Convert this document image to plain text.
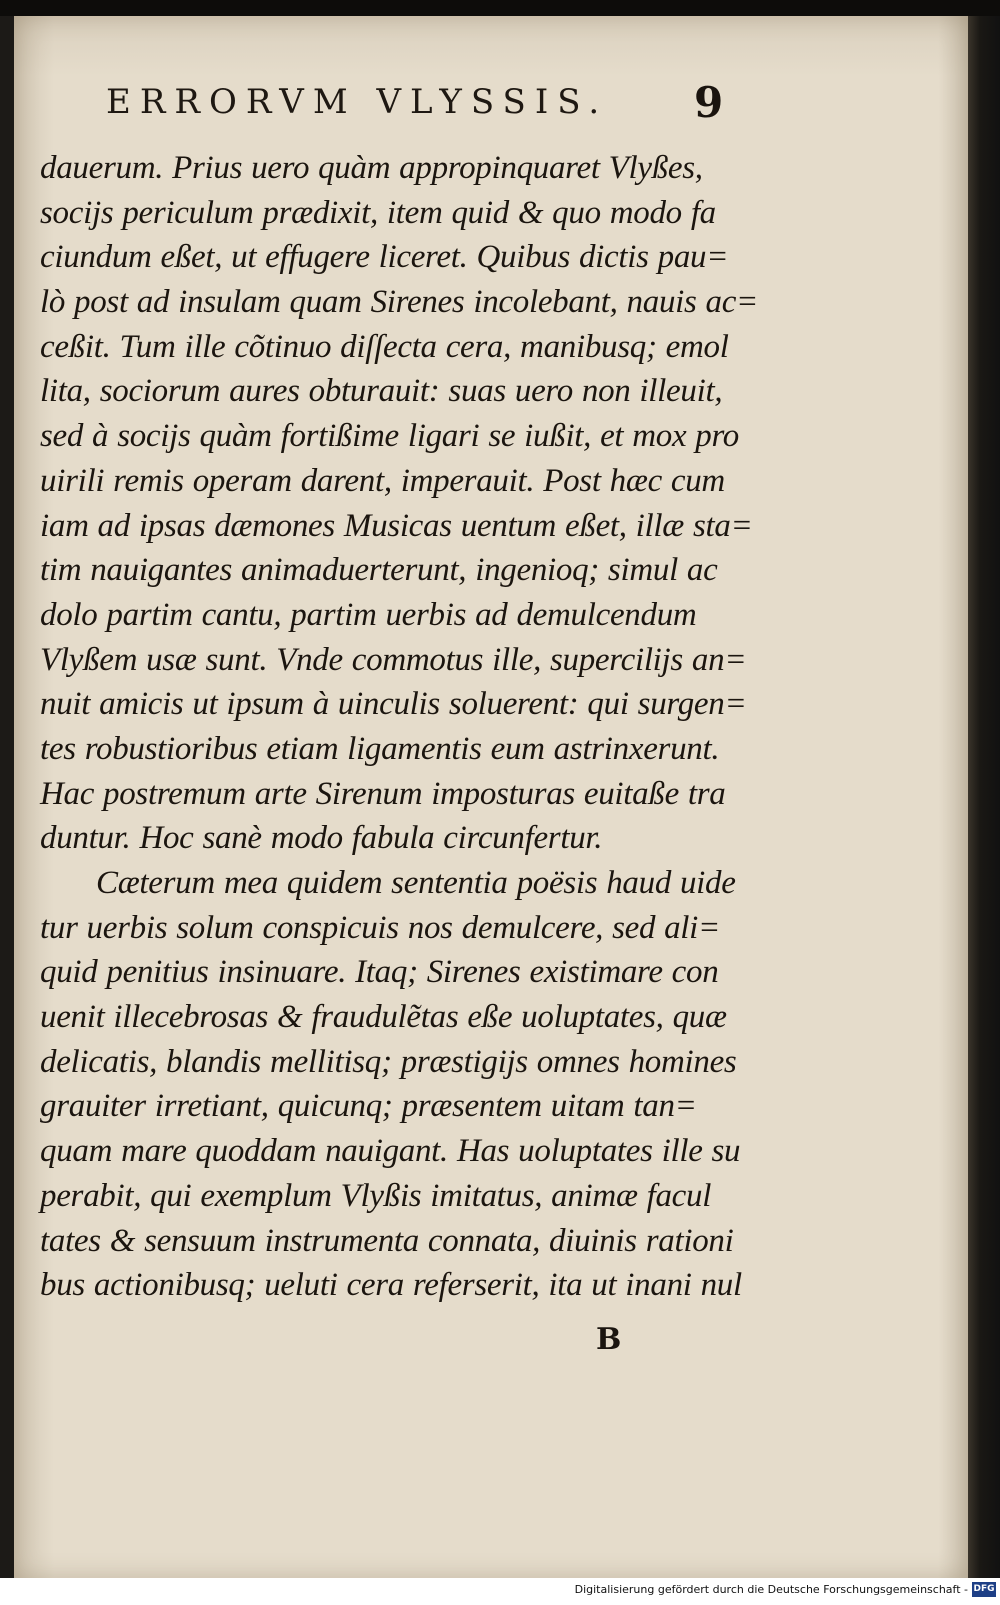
ERRORVM VLYSSIS. 9
dauerum. Prius uero quàm appropinquaret Vlyßes,
socijs periculum prædixit, item quid & quo modo fa
ciundum eßet, ut effugere liceret. Quibus dictis pau=
lò post ad insulam quam Sirenes incolebant, nauis ac=
ceßit. Tum ille cõtinuo diſſecta cera, manibusq; emol
lita, sociorum aures obturauit: suas uero non illeuit,
sed à socijs quàm fortißime ligari se iußit, et mox pro
uirili remis operam darent, imperauit. Post hæc cum
iam ad ipsas dæmones Musicas uentum eßet, illæ sta=
tim nauigantes animaduerterunt, ingenioq; simul ac
dolo partim cantu, partim uerbis ad demulcendum
Vlyßem usæ sunt. Vnde commotus ille, supercilijs an=
nuit amicis ut ipsum à uinculis soluerent: qui surgen=
tes robustioribus etiam ligamentis eum astrinxerunt.
Hac postremum arte Sirenum imposturas euitaße tra
duntur. Hoc sanè modo fabula circunfertur.
Cæterum mea quidem sententia poësis haud uide
tur uerbis solum conspicuis nos demulcere, sed ali=
quid penitius insinuare. Itaq; Sirenes existimare con
uenit illecebrosas & fraudulẽtas eße uoluptates, quæ
delicatis, blandis mellitisq; præstigijs omnes homines
grauiter irretiant, quicunq; præsentem uitam tan=
quam mare quoddam nauigant. Has uoluptates ille su
perabit, qui exemplum Vlyßis imitatus, animæ facul
tates & sensuum instrumenta connata, diuinis rationi
bus actionibusq; ueluti cera referserit, ita ut inani nul
B
Digitalisierung gefördert durch die Deutsche Forschungsgemeinschaft - DFG
